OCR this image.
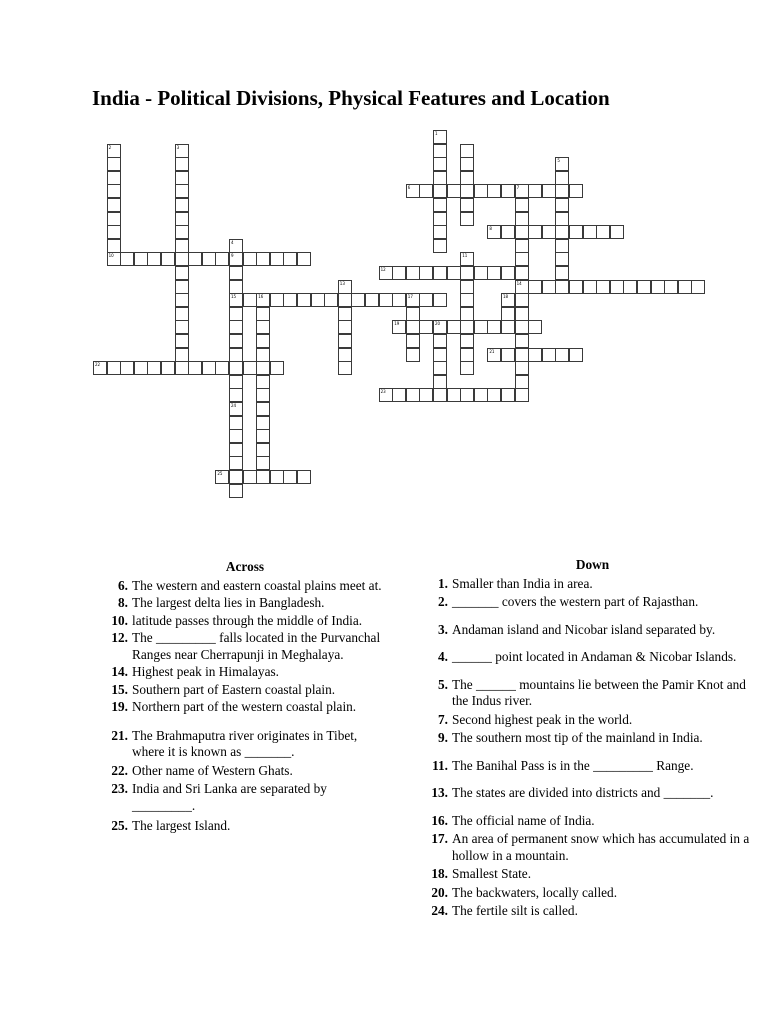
India - Political Divisions, Physical Features and Location
1
2	3
4
5
6	7
8
9
10	11
12
13	14
15	16	17	18
19	20
21
22
23
24
25
Across
6. The western and eastern coastal plains meet at.
8. The largest delta lies in Bangladesh.
10. latitude passes through the middle of India.
12. The _________ falls located in the Purvanchal Ranges near Cherrapunji in Meghalaya.
14. Highest peak in Himalayas.
15. Southern part of Eastern coastal plain.
19. Northern part of the western coastal plain.
21. The Brahmaputra river originates in Tibet, where it is known as _______.
22. Other name of Western Ghats.
23. India and Sri Lanka are separated by _________.
25. The largest Island.
Down
1. Smaller than India in area.
2. _______ covers the western part of Rajasthan.
3. Andaman island and Nicobar island separated by.
4. ______ point located in Andaman & Nicobar Islands.
5. The ______ mountains lie between the Pamir Knot and the Indus river.
7. Second highest peak in the world.
9. The southern most tip of the mainland in India.
11. The Banihal Pass is in the _________ Range.
13. The states are divided into districts and _______.
16. The official name of India.
17. An area of permanent snow which has accumulated in a hollow in a mountain.
18. Smallest State.
20. The backwaters, locally called.
24. The fertile silt is called.
